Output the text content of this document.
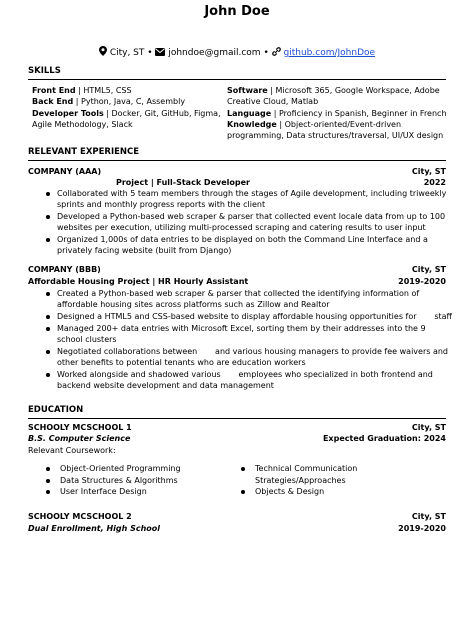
John Doe
City, ST • johndoe@gmail.com • github.com/JohnDoe
SKILLS
Front End | HTML5, CSS
Back End | Python, Java, C, Assembly
Developer Tools | Docker, Git, GitHub, Figma,
Agile Methodology, Slack
Software | Microsoft 365, Google Workspace, Adobe
Creative Cloud, Matlab
Language | Proficiency in Spanish, Beginner in French
Knowledge | Object-oriented/Event-driven
programming, Data structures/traversal, UI/UX design
RELEVANT EXPERIENCE
COMPANY (AAA)	City, ST
Project | Full-Stack Developer	2022
Collaborated with 5 team members through the stages of Agile development, including triweekly
sprints and monthly progress reports with the client
Developed a Python-based web scraper & parser that collected event locale data from up to 100
websites per execution, utilizing multi-processed scraping and catering results to user input
Organized 1,000s of data entries to be displayed on both the Command Line Interface and a
privately facing website (built from Django)
COMPANY (BBB)	City, ST
Affordable Housing Project | HR Hourly Assistant	2019-2020
Created a Python-based web scraper & parser that collected the identifying information of
affordable housing sites across platforms such as Zillow and Realtor
Designed a HTML5 and CSS-based website to display affordable housing opportunities for       staff
Managed 200+ data entries with Microsoft Excel, sorting them by their addresses into the 9
school clusters
Negotiated collaborations between       and various housing managers to provide fee waivers and
other benefits to potential tenants who are education workers
Worked alongside and shadowed various       employees who specialized in both frontend and
backend website development and data management
EDUCATION
SCHOOLY MCSCHOOL 1	City, ST
B.S. Computer Science	Expected Graduation: 2024
Relevant Coursework:
Object-Oriented Programming
Data Structures & Algorithms
User Interface Design
Technical Communication
Strategies/Approaches
Objects & Design
SCHOOLY MCSCHOOL 2	City, ST
Dual Enrollment, High School	2019-2020
